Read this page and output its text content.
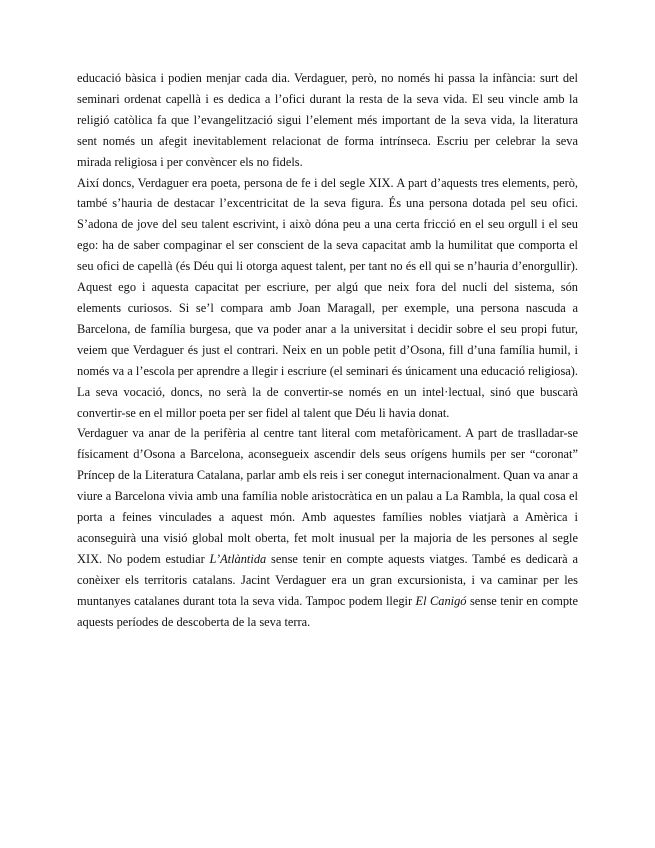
educació bàsica i podien menjar cada dia. Verdaguer, però, no només hi passa la infància: surt del seminari ordenat capellà i es dedica a l’ofici durant la resta de la seva vida. El seu vincle amb la religió catòlica fa que l’evangelització sigui l’element més important de la seva vida, la literatura sent només un afegit inevitablement relacionat de forma intrínseca. Escriu per celebrar la seva mirada religiosa i per convèncer els no fidels.

Així doncs, Verdaguer era poeta, persona de fe i del segle XIX. A part d’aquests tres elements, però, també s’hauria de destacar l’excentricitat de la seva figura. És una persona dotada pel seu ofici. S’adona de jove del seu talent escrivint, i això dóna peu a una certa fricció en el seu orgull i el seu ego: ha de saber compaginar el ser conscient de la seva capacitat amb la humilitat que comporta el seu ofici de capellà (és Déu qui li otorga aquest talent, per tant no és ell qui se n’hauria d’enorgullir). Aquest ego i aquesta capacitat per escriure, per algú que neix fora del nucli del sistema, són elements curiosos. Si se’l compara amb Joan Maragall, per exemple, una persona nascuda a Barcelona, de família burgesa, que va poder anar a la universitat i decidir sobre el seu propi futur, veiem que Verdaguer és just el contrari. Neix en un poble petit d’Osona, fill d’una família humil, i només va a l’escola per aprendre a llegir i escriure (el seminari és únicament una educació religiosa). La seva vocació, doncs, no serà la de convertir-se només en un intel·lectual, sinó que buscarà convertir-se en el millor poeta per ser fidel al talent que Déu li havia donat.

Verdaguer va anar de la perifèria al centre tant literal com metafòricament. A part de traslladar-se físicament d’Osona a Barcelona, aconsegueix ascendir dels seus orígens humils per ser “coronat” Príncep de la Literatura Catalana, parlar amb els reis i ser conegut internacionalment. Quan va anar a viure a Barcelona vivia amb una família noble aristocràtica en un palau a La Rambla, la qual cosa el porta a feines vinculades a aquest món. Amb aquestes famílies nobles viatjarà a Amèrica i aconseguirà una visió global molt oberta, fet molt inusual per la majoria de les persones al segle XIX. No podem estudiar L’Atlàntida sense tenir en compte aquests viatges. També es dedicarà a conèixer els territoris catalans. Jacint Verdaguer era un gran excursionista, i va caminar per les muntanyes catalanes durant tota la seva vida. Tampoc podem llegir El Canigó sense tenir en compte aquests períodes de descoberta de la seva terra.
